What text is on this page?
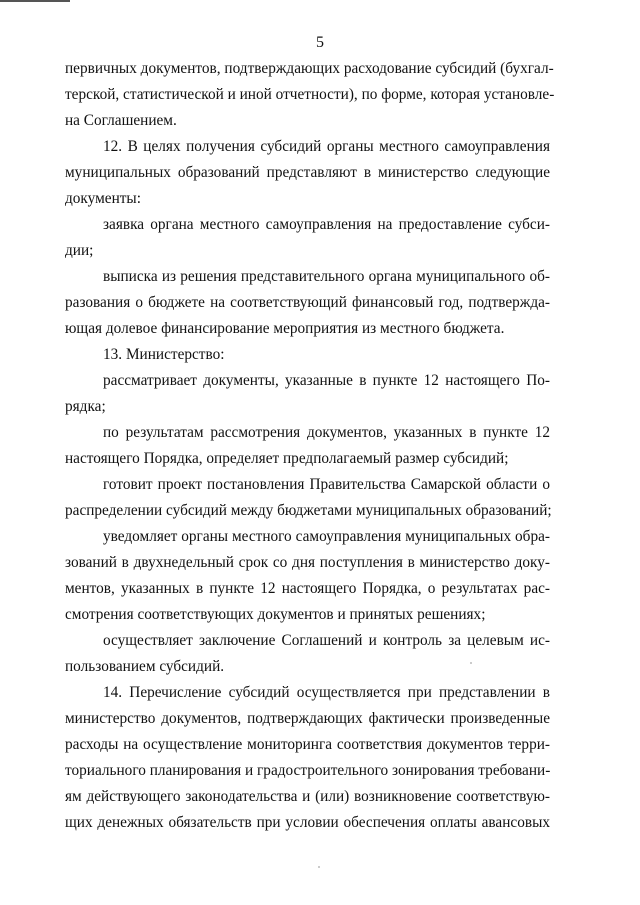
5
первичных документов, подтверждающих расходование субсидий (бухгал-
терской, статистической и иной отчетности), по форме, которая установле-
на Соглашением.
12. В целях получения субсидий органы местного самоуправления
муниципальных образований представляют в министерство следующие
документы:
заявка органа местного самоуправления на предоставление субси-
дии;
выписка из решения представительного органа муниципального об-
разования о бюджете на соответствующий финансовый год, подтвержда-
ющая долевое финансирование мероприятия из местного бюджета.
13. Министерство:
рассматривает документы, указанные в пункте 12 настоящего По-
рядка;
по результатам рассмотрения документов, указанных в пункте 12
настоящего Порядка, определяет предполагаемый размер субсидий;
готовит проект постановления Правительства Самарской области о
распределении субсидий между бюджетами муниципальных образований;
уведомляет органы местного самоуправления муниципальных обра-
зований в двухнедельный срок со дня поступления в министерство доку-
ментов, указанных в пункте 12 настоящего Порядка, о результатах рас-
смотрения соответствующих документов и принятых решениях;
осуществляет заключение Соглашений и контроль за целевым ис-
пользованием субсидий.
14. Перечисление субсидий осуществляется при представлении в
министерство документов, подтверждающих фактически произведенные
расходы на осуществление мониторинга соответствия документов терри-
ториального планирования и градостроительного зонирования требовани-
ям действующего законодательства и (или) возникновение соответствую-
щих денежных обязательств при условии обеспечения оплаты авансовых
